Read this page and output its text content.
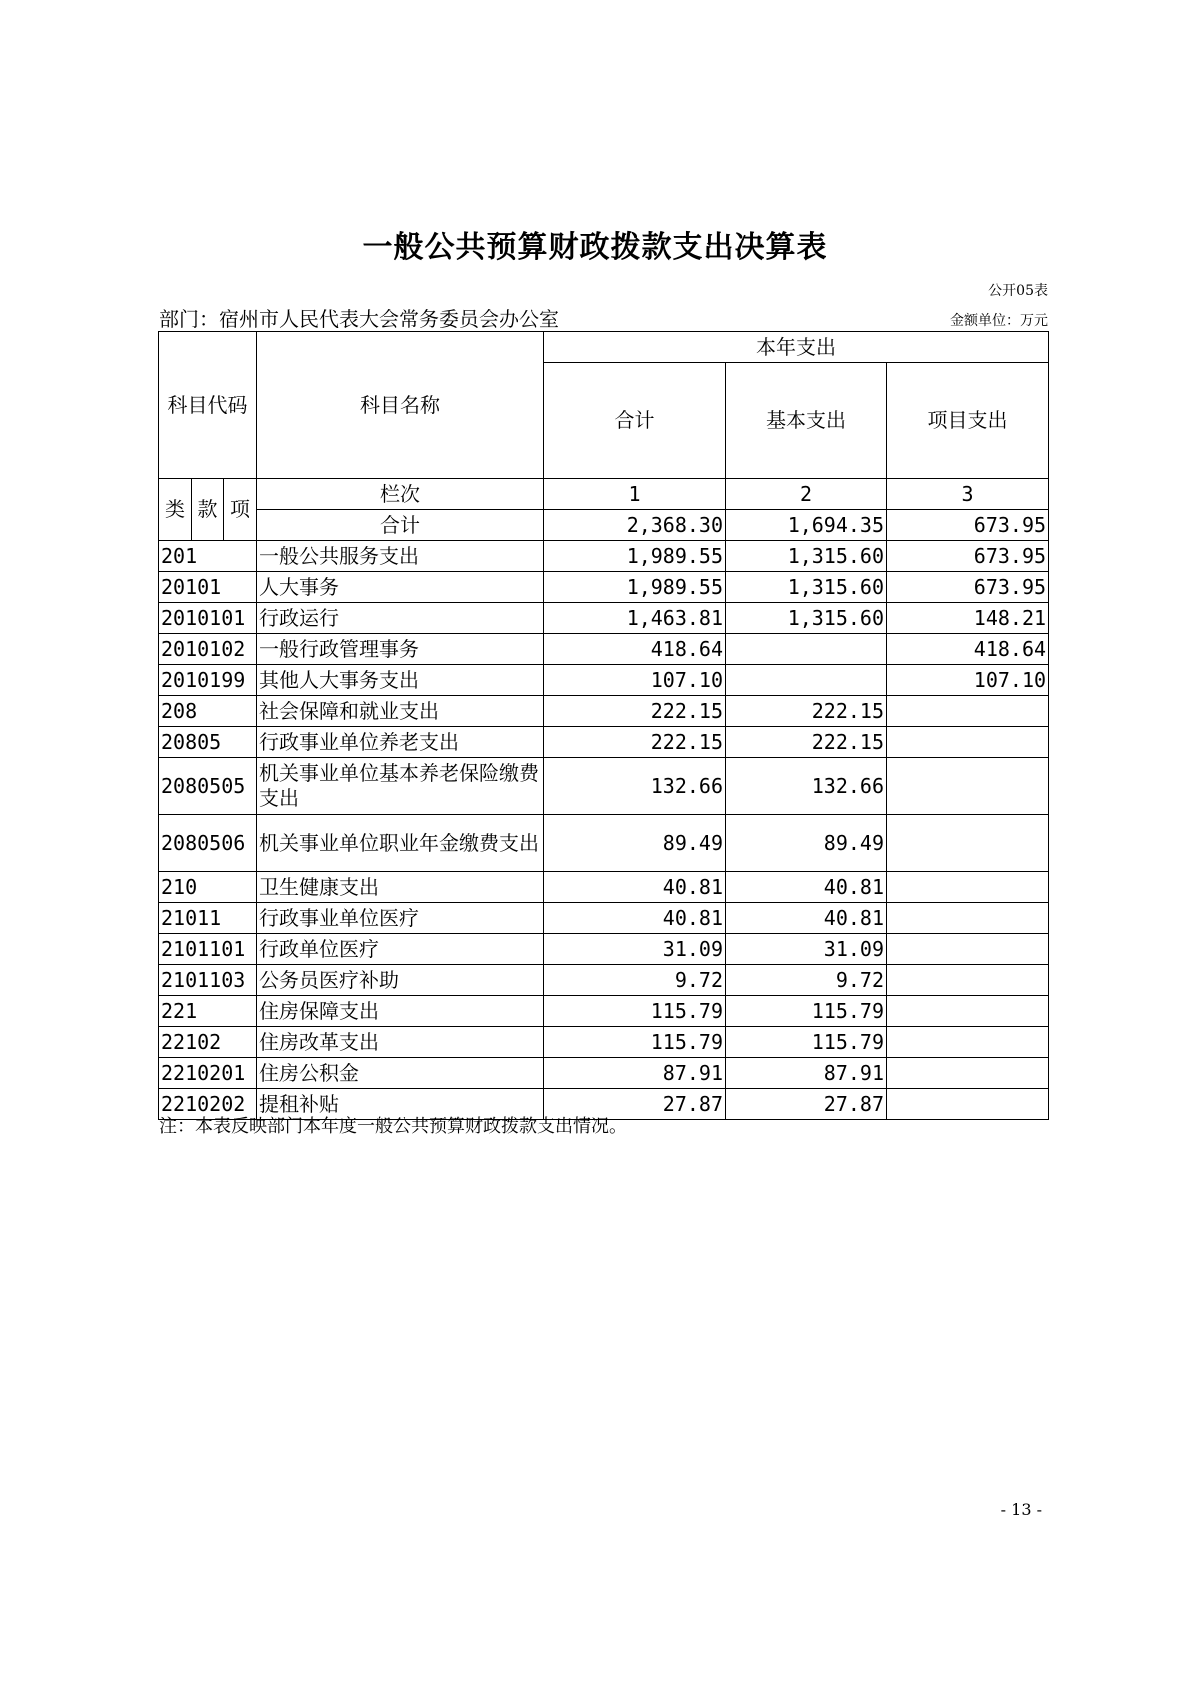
一般公共预算财政拨款支出决算表
公开05表
部门：宿州市人民代表大会常务委员会办公室	金额单位：万元
科目代码			科目名称	本年支出		
				合计	基本支出	项目支出
类	款	项	栏次	1	2	3
			合计	2,368.30	1,694.35	673.95
201			一般公共服务支出	1,989.55	1,315.60	673.95
20101			人大事务	1,989.55	1,315.60	673.95
2010101			行政运行	1,463.81	1,315.60	148.21
2010102			一般行政管理事务	418.64		418.64
2010199			其他人大事务支出	107.10		107.10
208			社会保障和就业支出	222.15	222.15	
20805			行政事业单位养老支出	222.15	222.15	
2080505			机关事业单位基本养老保险缴费支出	132.66	132.66	
2080506			机关事业单位职业年金缴费支出	89.49	89.49	
210			卫生健康支出	40.81	40.81	
21011			行政事业单位医疗	40.81	40.81	
2101101			行政单位医疗	31.09	31.09	
2101103			公务员医疗补助	9.72	9.72	
221			住房保障支出	115.79	115.79	
22102			住房改革支出	115.79	115.79	
2210201			住房公积金	87.91	87.91	
2210202			提租补贴	27.87	27.87	
注：本表反映部门本年度一般公共预算财政拨款支出情况。
- 13 -
